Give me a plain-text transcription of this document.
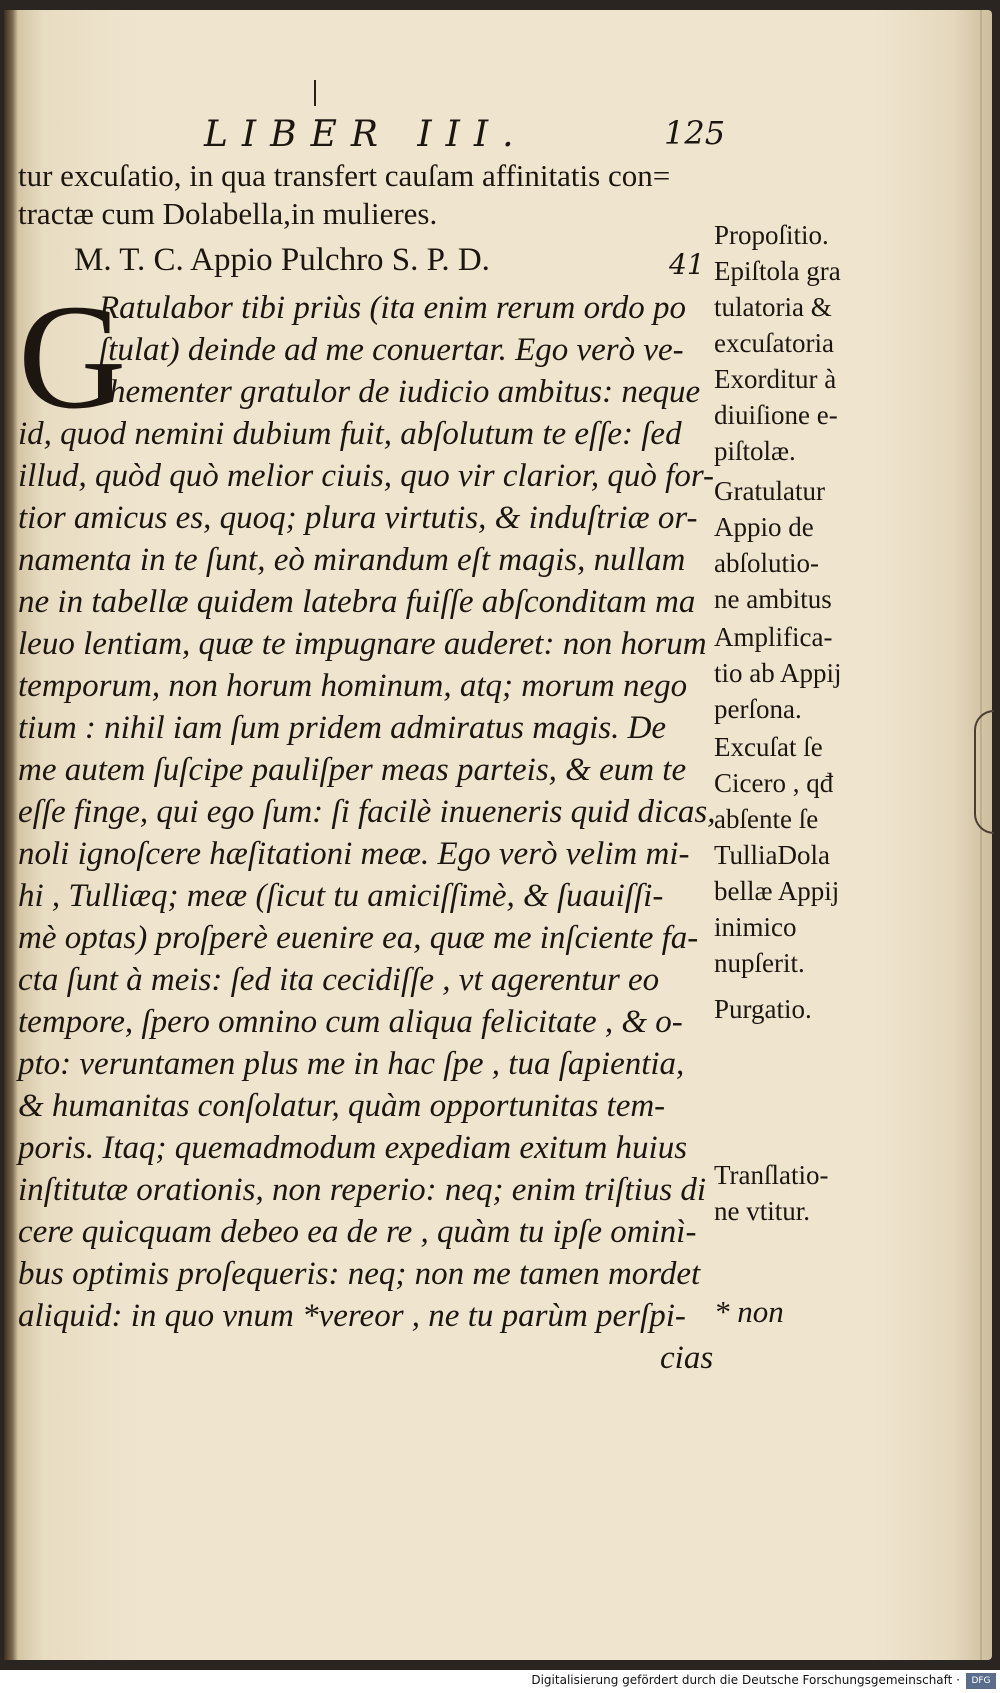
LIBER III.	125
tur excuſatio, in qua transfert cauſam affinitatis con=
tractæ cum Dolabella,in mulieres.
M. T. C. Appio Pulchro S. P. D.	41
G
Ratulabor tibi priùs (ita enim rerum ordo po
ſtulat) deinde ad me conuertar. Ego verò ve-
hementer gratulor de iudicio ambitus: neque
id, quod nemini dubium fuit, abſolutum te eſſe: ſed
illud, quòd quò melior ciuis, quo vir clarior, quò for-
tior amicus es, quoq; plura virtutis, & induſtriæ or-
namenta in te ſunt, eò mirandum eſt magis, nullam
ne in tabellæ quidem latebra fuiſſe abſconditam ma
leuo lentiam, quæ te impugnare auderet: non horum
temporum, non horum hominum, atq; morum nego
tium : nihil iam ſum pridem admiratus magis. De
me autem ſuſcipe pauliſper meas parteis, & eum te
eſſe finge, qui ego ſum: ſi facilè inueneris quid dicas,
noli ignoſcere hæſitationi meæ. Ego verò velim mi-
hi , Tulliæq; meæ (ſicut tu amiciſſimè, & ſuauiſſi-
mè optas) proſperè euenire ea, quæ me inſciente fa-
cta ſunt à meis: ſed ita cecidiſſe , vt agerentur eo
tempore, ſpero omnino cum aliqua felicitate , & o-
pto: veruntamen plus me in hac ſpe , tua ſapientia,
& humanitas conſolatur, quàm opportunitas tem-
poris. Itaq; quemadmodum expediam exitum huius
inſtitutæ orationis, non reperio: neq; enim triſtius di
cere quicquam debeo ea de re , quàm tu ipſe ominì-
bus optimis proſequeris: neq; non me tamen mordet
aliquid: in quo vnum *vereor , ne tu parùm perſpi-
cias
Propoſitio.
Epiſtola gra
tulatoria &
excuſatoria
Exorditur à
diuiſione e-
piſtolæ.
Gratulatur
Appio de
abſolutio-
ne ambitus
Amplifica-
tio ab Appij
perſona.
Excuſat ſe
Cicero , qđ
abſente ſe
TulliaDola
bellæ Appij
inimico
nupſerit.
Purgatio.
Tranſlatio-
ne vtitur.
* non
Digitalisierung gefördert durch die Deutsche Forschungsgemeinschaft ·	DFG
